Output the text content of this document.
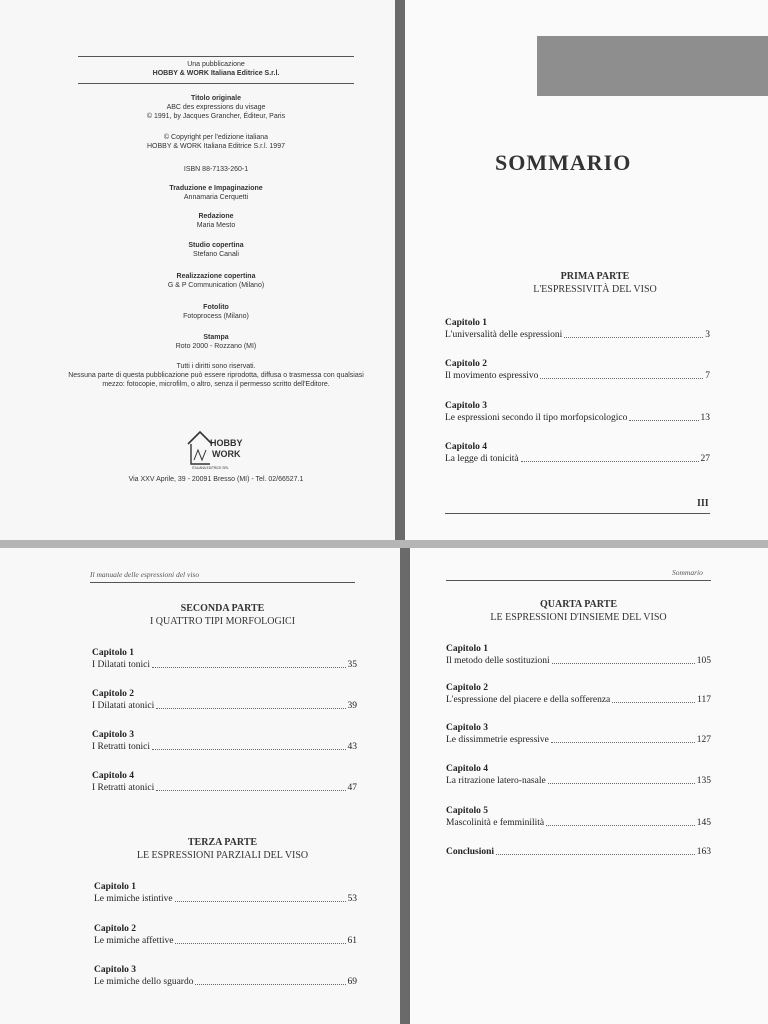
Una pubblicazione
HOBBY & WORK Italiana Editrice S.r.l.
Titolo originale
ABC des expressions du visage
© 1991, by Jacques Grancher, Éditeur, Paris
© Copyright per l'edizione italiana
HOBBY & WORK Italiana Editrice S.r.l. 1997
ISBN 88-7133-260-1
Traduzione e Impaginazione
Annamaria Cerquetti
Redazione
Maria Mesto
Studio copertina
Stefano Canali
Realizzazione copertina
G & P Communication (Milano)
Fotolito
Fotoprocess (Milano)
Stampa
Roto 2000 - Rozzano (MI)
Tutti i diritti sono riservati.
Nessuna parte di questa pubblicazione può essere riprodotta, diffusa o trasmessa con qualsiasi
mezzo: fotocopie, microfilm, o altro, senza il permesso scritto dell'Editore.
HOBBY
WORK
ITALIANA EDITRICE SRL
Via XXV Aprile, 39 - 20091 Bresso (MI) - Tel. 02/66527.1
SOMMARIO
PRIMA PARTE
L'ESPRESSIVITÀ DEL VISO
Capitolo 1
L'universalità delle espressioni	3
Capitolo 2
Il movimento espressivo	7
Capitolo 3
Le espressioni secondo il tipo morfopsicologico	13
Capitolo 4
La legge di tonicità	27
III
Il manuale delle espressioni del viso
SECONDA PARTE
I QUATTRO TIPI MORFOLOGICI
Capitolo 1
I Dilatati tonici	35
Capitolo 2
I Dilatati atonici	39
Capitolo 3
I Retratti tonici	43
Capitolo 4
I Retratti atonici	47
TERZA PARTE
LE ESPRESSIONI PARZIALI DEL VISO
Capitolo 1
Le mimiche istintive	53
Capitolo 2
Le mimiche affettive	61
Capitolo 3
Le mimiche dello sguardo	69
Sommario
QUARTA PARTE
LE ESPRESSIONI D'INSIEME DEL VISO
Capitolo 1
Il metodo delle sostituzioni	105
Capitolo 2
L'espressione del piacere e della sofferenza	117
Capitolo 3
Le dissimmetrie espressive	127
Capitolo 4
La ritrazione latero-nasale	135
Capitolo 5
Mascolinità e femminilità	145
Conclusioni	163
